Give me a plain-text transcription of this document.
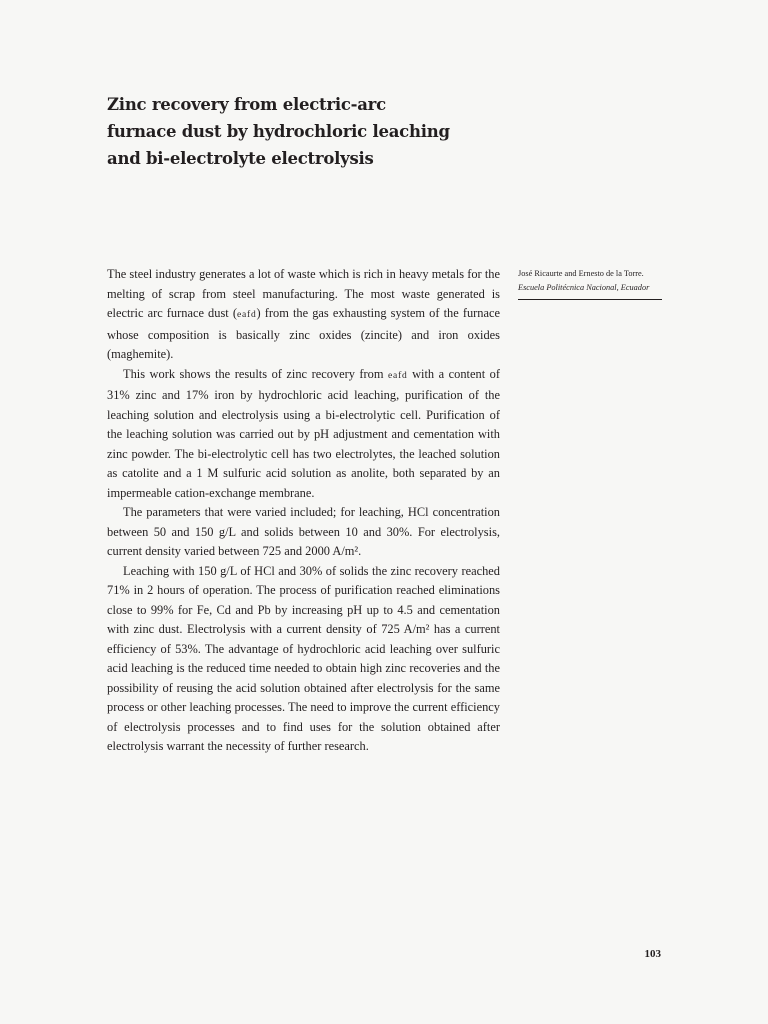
Zinc recovery from electric-arc
furnace dust by hydrochloric leaching
and bi-electrolyte electrolysis

The steel industry generates a lot of waste which is rich in heavy metals for the melting of scrap from steel manufacturing. The most waste generated is electric arc furnace dust (eafd) from the gas exhausting system of the furnace whose composition is basically zinc oxides (zincite) and iron oxides (maghemite).

This work shows the results of zinc recovery from eafd with a content of 31% zinc and 17% iron by hydrochloric acid leaching, purification of the leaching solution and electrolysis using a bi-electrolytic cell. Purification of the leaching solution was carried out by pH adjustment and cementation with zinc powder. The bi-electrolytic cell has two electrolytes, the leached solution as catolite and a 1 M sulfuric acid solution as anolite, both separated by an impermeable cation-exchange membrane.

The parameters that were varied included; for leaching, HCl concentration between 50 and 150 g/L and solids between 10 and 30%. For electrolysis, current density varied between 725 and 2000 A/m².

Leaching with 150 g/L of HCl and 30% of solids the zinc recovery reached 71% in 2 hours of operation. The process of purification reached eliminations close to 99% for Fe, Cd and Pb by increasing pH up to 4.5 and cementation with zinc dust. Electrolysis with a current density of 725 A/m² has a current efficiency of 53%. The advantage of hydrochloric acid leaching over sulfuric acid leaching is the reduced time needed to obtain high zinc recoveries and the possibility of reusing the acid solution obtained after electrolysis for the same process or other leaching processes. The need to improve the current efficiency of electrolysis processes and to find uses for the solution obtained after electrolysis warrant the necessity of further research.

José Ricaurte and Ernesto de la Torre. Escuela Politécnica Nacional, Ecuador
103
